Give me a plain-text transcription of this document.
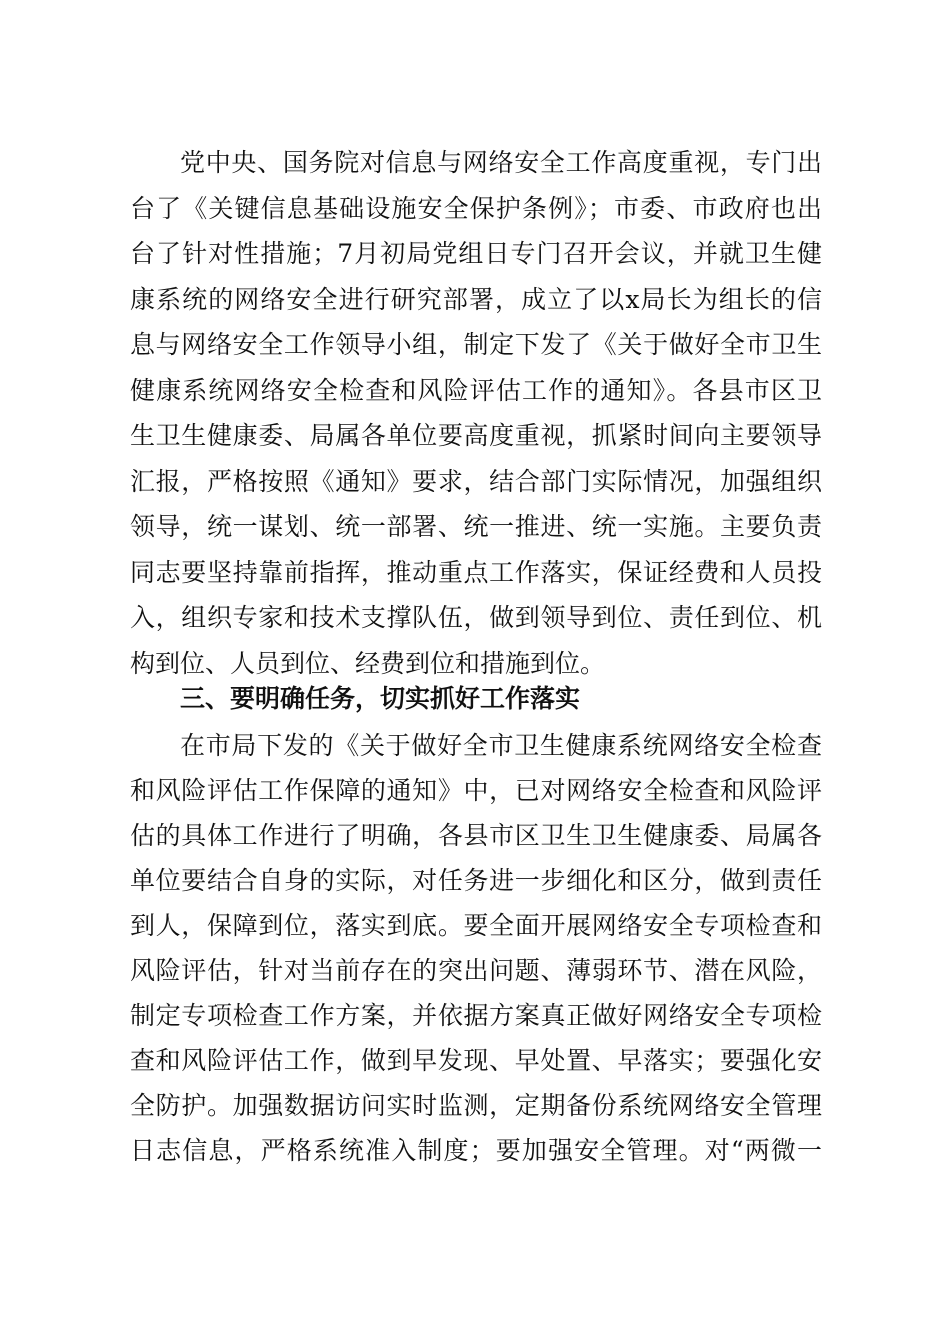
党中央、国务院对信息与网络安全工作高度重视，专门出
台了《关键信息基础设施安全保护条例》；市委、市政府也出
台了针对性措施；7月初局党组日专门召开会议，并就卫生健
康系统的网络安全进行研究部署，成立了以x局长为组长的信
息与网络安全工作领导小组，制定下发了《关于做好全市卫生
健康系统网络安全检查和风险评估工作的通知》。各县市区卫
生卫生健康委、局属各单位要高度重视，抓紧时间向主要领导
汇报，严格按照《通知》要求，结合部门实际情况，加强组织
领导，统一谋划、统一部署、统一推进、统一实施。主要负责
同志要坚持靠前指挥，推动重点工作落实，保证经费和人员投
入，组织专家和技术支撑队伍，做到领导到位、责任到位、机
构到位、人员到位、经费到位和措施到位。
三、要明确任务，切实抓好工作落实
在市局下发的《关于做好全市卫生健康系统网络安全检查
和风险评估工作保障的通知》中，已对网络安全检查和风险评
估的具体工作进行了明确，各县市区卫生卫生健康委、局属各
单位要结合自身的实际，对任务进一步细化和区分，做到责任
到人，保障到位，落实到底。要全面开展网络安全专项检查和
风险评估，针对当前存在的突出问题、薄弱环节、潜在风险，
制定专项检查工作方案，并依据方案真正做好网络安全专项检
查和风险评估工作，做到早发现、早处置、早落实；要强化安
全防护。加强数据访问实时监测，定期备份系统网络安全管理
日志信息，严格系统准入制度；要加强安全管理。对“两微一
